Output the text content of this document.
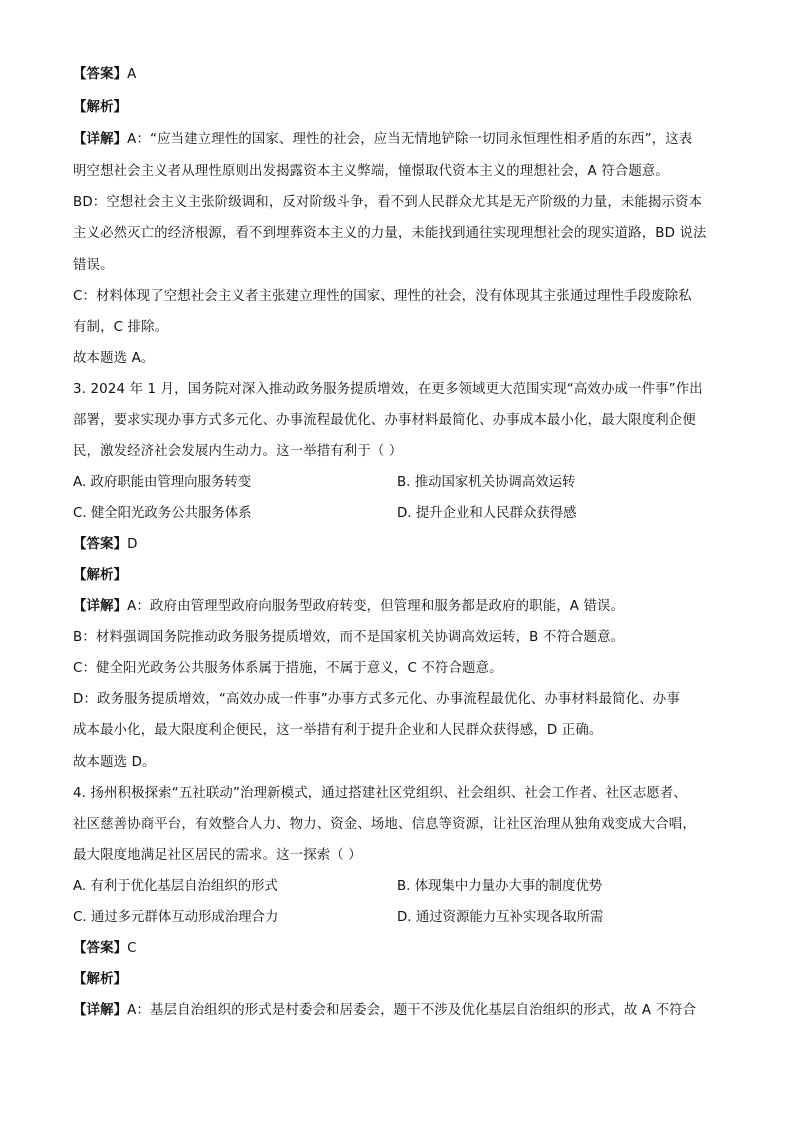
【答案】A
【解析】
【详解】A：“应当建立理性的国家、理性的社会，应当无情地铲除一切同永恒理性相矛盾的东西”，这表
明空想社会主义者从理性原则出发揭露资本主义弊端，憧憬取代资本主义的理想社会，A 符合题意。
BD：空想社会主义主张阶级调和，反对阶级斗争，看不到人民群众尤其是无产阶级的力量，未能揭示资本
主义必然灭亡的经济根源，看不到埋葬资本主义的力量，未能找到通往实现理想社会的现实道路，BD 说法
错误。
C：材料体现了空想社会主义者主张建立理性的国家、理性的社会，没有体现其主张通过理性手段废除私
有制，C 排除。
故本题选 A。
3. 2024 年 1 月，国务院对深入推动政务服务提质增效，在更多领域更大范围实现“高效办成一件事”作出
部署，要求实现办事方式多元化、办事流程最优化、办事材料最简化、办事成本最小化，最大限度利企便
民，激发经济社会发展内生动力。这一举措有利于（ ）
A. 政府职能由管理向服务转变	B. 推动国家机关协调高效运转
C. 健全阳光政务公共服务体系	D. 提升企业和人民群众获得感
【答案】D
【解析】
【详解】A：政府由管理型政府向服务型政府转变，但管理和服务都是政府的职能，A 错误。
B：材料强调国务院推动政务服务提质增效，而不是国家机关协调高效运转，B 不符合题意。
C：健全阳光政务公共服务体系属于措施，不属于意义，C 不符合题意。
D：政务服务提质增效，“高效办成一件事”办事方式多元化、办事流程最优化、办事材料最简化、办事
成本最小化，最大限度利企便民，这一举措有利于提升企业和人民群众获得感，D 正确。
故本题选 D。
4. 扬州积极探索“五社联动”治理新模式，通过搭建社区党组织、社会组织、社会工作者、社区志愿者、
社区慈善协商平台，有效整合人力、物力、资金、场地、信息等资源，让社区治理从独角戏变成大合唱，
最大限度地满足社区居民的需求。这一探索（ ）
A. 有利于优化基层自治组织的形式	B. 体现集中力量办大事的制度优势
C. 通过多元群体互动形成治理合力	D. 通过资源能力互补实现各取所需
【答案】C
【解析】
【详解】A：基层自治组织的形式是村委会和居委会，题干不涉及优化基层自治组织的形式，故 A 不符合
